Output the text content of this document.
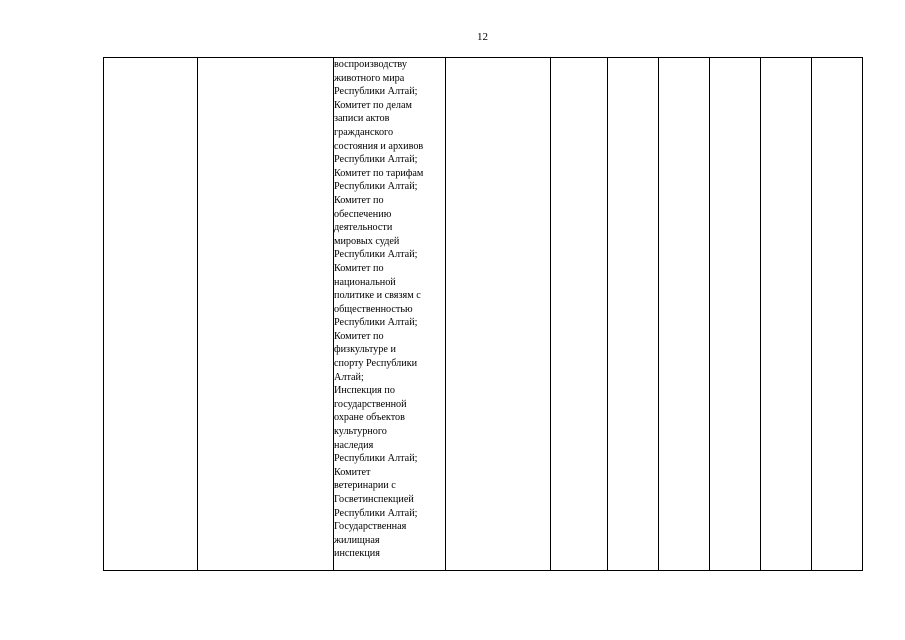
12

воспроизводству
животного мира
Республики Алтай;
Комитет по делам
записи актов
гражданского
состояния и архивов
Республики Алтай;
Комитет по тарифам
Республики Алтай;
Комитет по
обеспечению
деятельности
мировых судей
Республики Алтай;
Комитет по
национальной
политике и связям с
общественностью
Республики Алтай;
Комитет по
физкультуре и
спорту Республики
Алтай;
Инспекция по
государственной
охране объектов
культурного
наследия
Республики Алтай;
Комитет
ветеринарии с
Госветинспекцией
Республики Алтай;
Государственная
жилищная
инспекция
